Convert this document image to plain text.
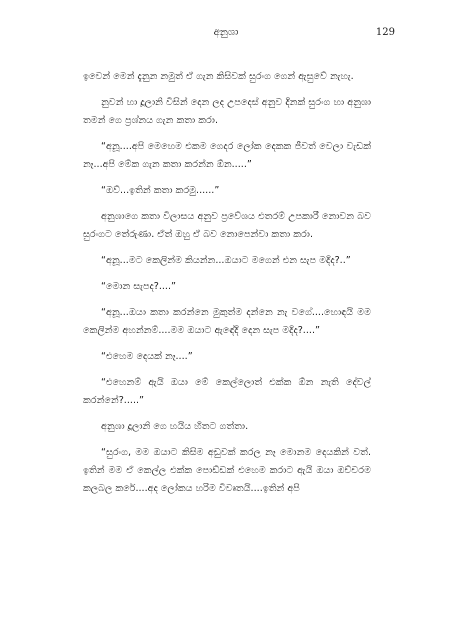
අනුශා	129

ඉවෙන් මෙන් දැනුන නමුත් ඒ ගැන කිසිවක් සුරංග ගෙන් ඇසුවේ නැහැ.

නුවන් හා දූලානි විසින් දෙන ලද උපදෙස් අනුව දිනක් සුරංග හා අනුශා තමන් ගෙ ප්‍රශ්නය ගැන කතා කරා.

“අනූ....අපි මෙහෙම එකම ගෙදර ලෝක දෙකක ජීවත් වෙලා වැඩක් නෑ...අපි මේක ගැන කතා කරන්න ඕන.....”

“ඔව්...ඉතින් කතා කරමු......”

අනුශාගෙ කතා විලාසය අනුව ප්‍රවේශය එතරම් උපකාරී නොවන බව සුරංගට තේරුණා. ඒත් ඔහු ඒ බව නොපෙන්වා කතා කරා.

“අනූ...මට කෙලින්ම කියන්න...ඔයාට මගෙන් එන සැප මදිද?..”

“මොන සැපද?....”

“අනූ...ඔයා කතා කරන්නෙ මුකුත්ම දන්නෙ නැ වගේ....හොඳයි මම කෙලින්ම අහන්නම්....මම ඔයාට ඇඳේදි දෙන සැප මදිද?....”

“එහෙම දෙයක් නෑ....”

“එහෙනම් ඇයි ඔයා මේ කෙල්ලොත් එක්ක ඕන නැති දේවල් කරන්නේ?.....”

අනුශා දූලානි ගෙ හයිය හිතට ගත්තා.

“සුරංග, මම ඔයාට කිසිම අඩුවක් කරල නෑ මොනම දෙයකින් වත්. ඉතින් මම ඒ කෙල්ල එක්ක පොඩ්ඩක් එහෙම කරාට ඇයි ඔයා ඔච්චරම කලබල කරේ....අද ලෝකය හරිම විවෘතයි....ඉතින් අපි
